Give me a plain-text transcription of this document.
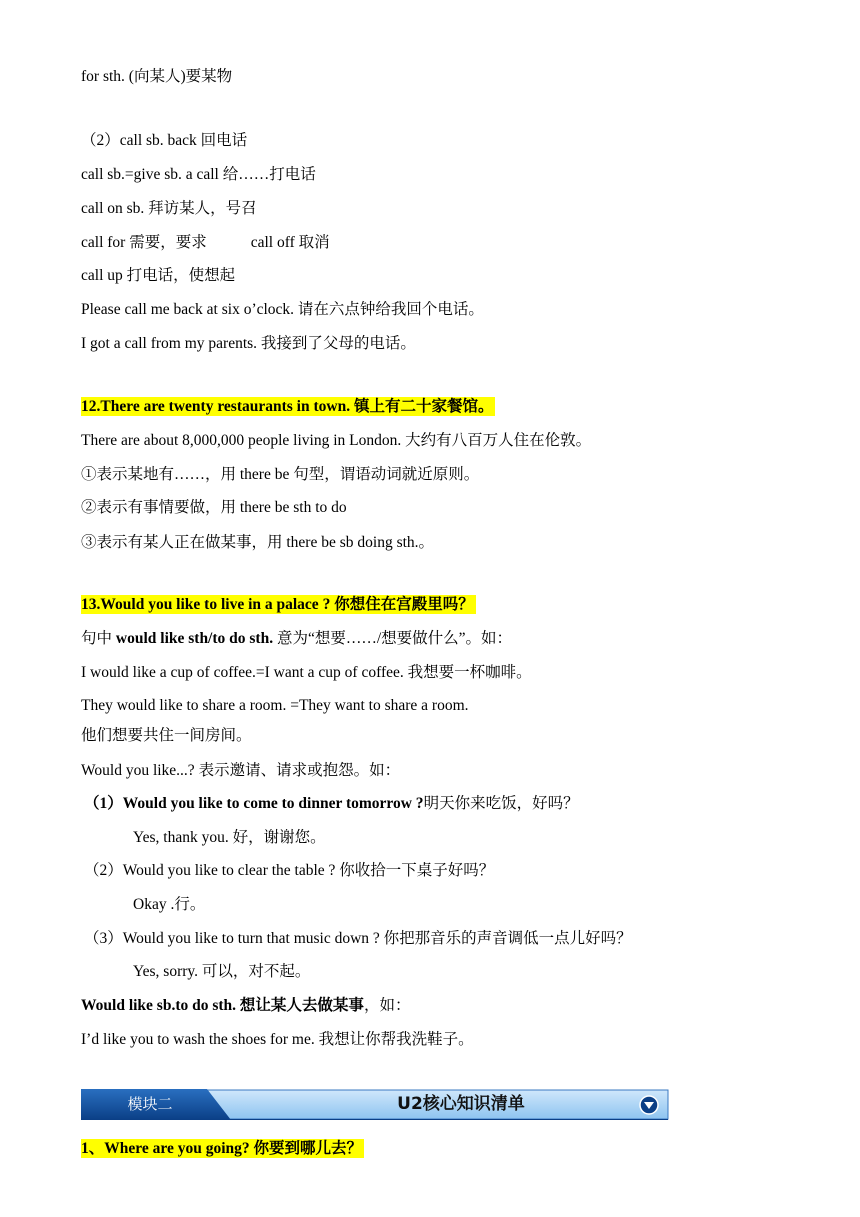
for sth. (向某人)要某物
（2）call sb. back 回电话
call sb.=give sb. a call 给……打电话
call on sb. 拜访某人，号召
call for 需要，要求	call off 取消
call up 打电话，使想起
Please call me back at six o’clock. 请在六点钟给我回个电话。
I got a call from my parents. 我接到了父母的电话。
12.There are twenty restaurants in town. 镇上有二十家餐馆。
There are about 8,000,000 people living in London. 大约有八百万人住在伦敦。
①表示某地有……，用 there be 句型，谓语动词就近原则。
②表示有事情要做，用 there be sth to do
③表示有某人正在做某事，用 there be sb doing sth.。
13.Would you like to live in a palace ? 你想住在宫殿里吗？
句中 would like sth/to do sth. 意为“想要……/想要做什么”。如：
I would like a cup of coffee.=I want a cup of coffee. 我想要一杯咖啡。
They would like to share a room. =They want to share a room.
他们想要共住一间房间。
Would you like...? 表示邀请、请求或抱怨。如：
（1）Would you like to come to dinner tomorrow ?明天你来吃饭，好吗？
Yes, thank you. 好，谢谢您。
（2）Would you like to clear the table ? 你收拾一下桌子好吗？
Okay .行。
（3）Would you like to turn that music down ? 你把那音乐的声音调低一点儿好吗？
Yes, sorry. 可以，对不起。
Would like sb.to do sth. 想让某人去做某事，如：
I’d like you to wash the shoes for me. 我想让你帮我洗鞋子。
模块二	U2核心知识清单
1、Where are you going? 你要到哪儿去？
